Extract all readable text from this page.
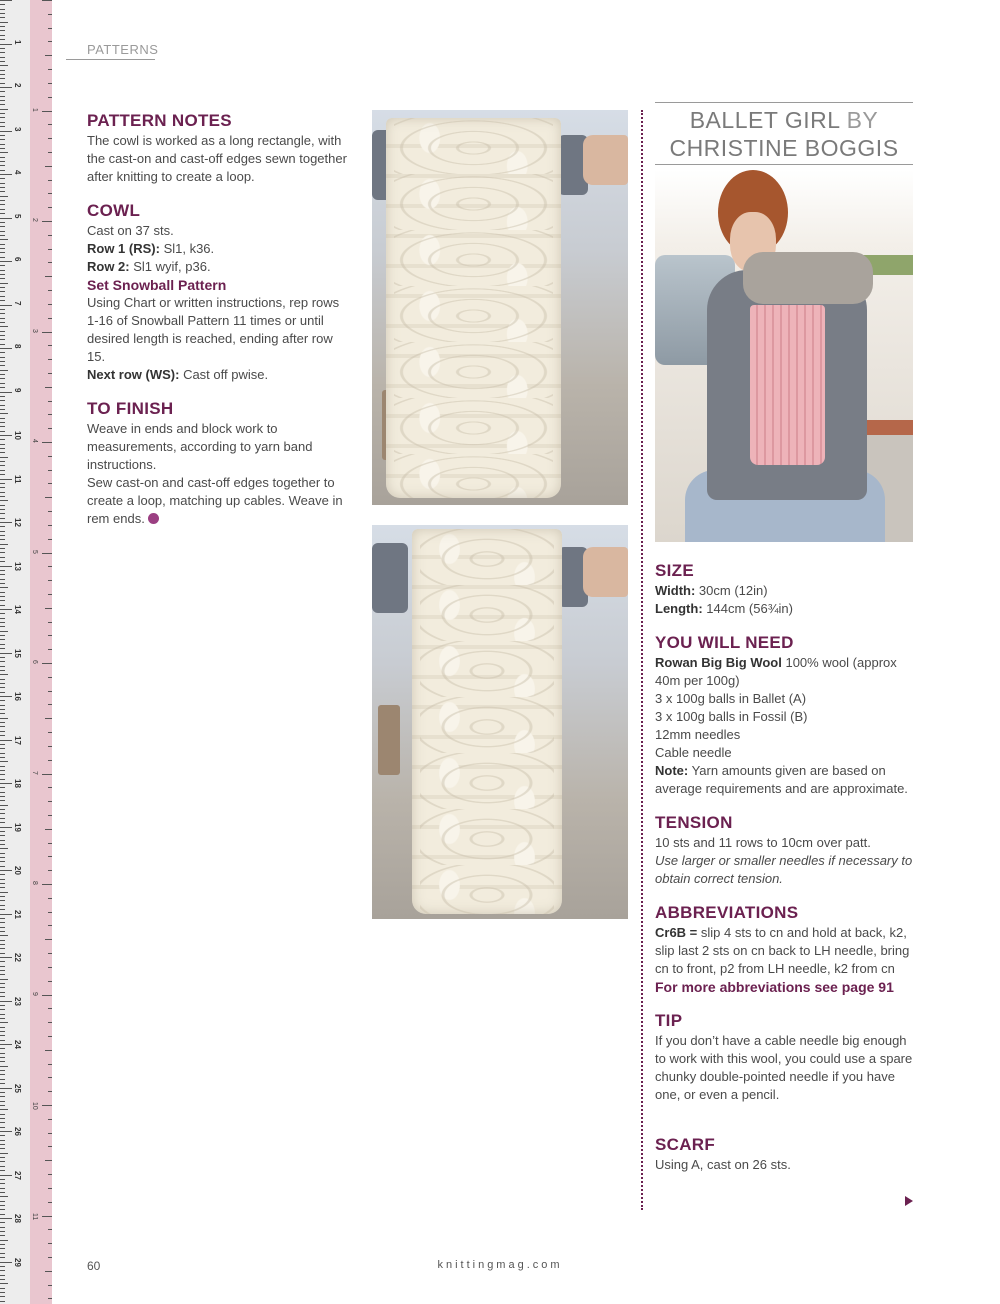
1
2
3
4
5
6
7
8
9
10
11
12
13
14
15
16
17
18
19
20
21
22
23
24
25
26
27
28
29
1
2
3
4
5
6
7
8
9
10
11
PATTERNS
PATTERN NOTES

The cowl is worked as a long rectangle, with the cast-on and cast-off edges sewn together after knitting to create a loop.

COWL

Cast on 37 sts.

Row 1 (RS): Sl1, k36.

Row 2: Sl1 wyif, p36.

Set Snowball Pattern

Using Chart or written instructions, rep rows 1-16 of Snowball Pattern 11 times or until desired length is reached, ending after row 15.

Next row (WS): Cast off pwise.

TO FINISH

Weave in ends and block work to measurements, according to yarn band instructions.

Sew cast-on and cast-off edges together to create a loop, matching up cables. Weave in rem ends.

BALLET GIRL BY
CHRISTINE BOGGIS
SIZE

Width: 30cm (12in)

Length: 144cm (56¾in)

YOU WILL NEED

Rowan Big Big Wool 100% wool (approx 40m per 100g)

3 x 100g balls in Ballet (A)

3 x 100g balls in Fossil (B)

12mm needles

Cable needle

Note: Yarn amounts given are based on average requirements and are approximate.

TENSION

10 sts and 11 rows to 10cm over patt.

Use larger or smaller needles if necessary to obtain correct tension.

ABBREVIATIONS

Cr6B = slip 4 sts to cn and hold at back, k2, slip last 2 sts on cn back to LH needle, bring cn to front, p2 from LH needle, k2 from cn

For more abbreviations see page 91

TIP

If you don’t have a cable needle big enough to work with this wool, you could use a spare chunky double-pointed needle if you have one, or even a pencil.

SCARF

Using A, cast on 26 sts.

60	knittingmag.com
